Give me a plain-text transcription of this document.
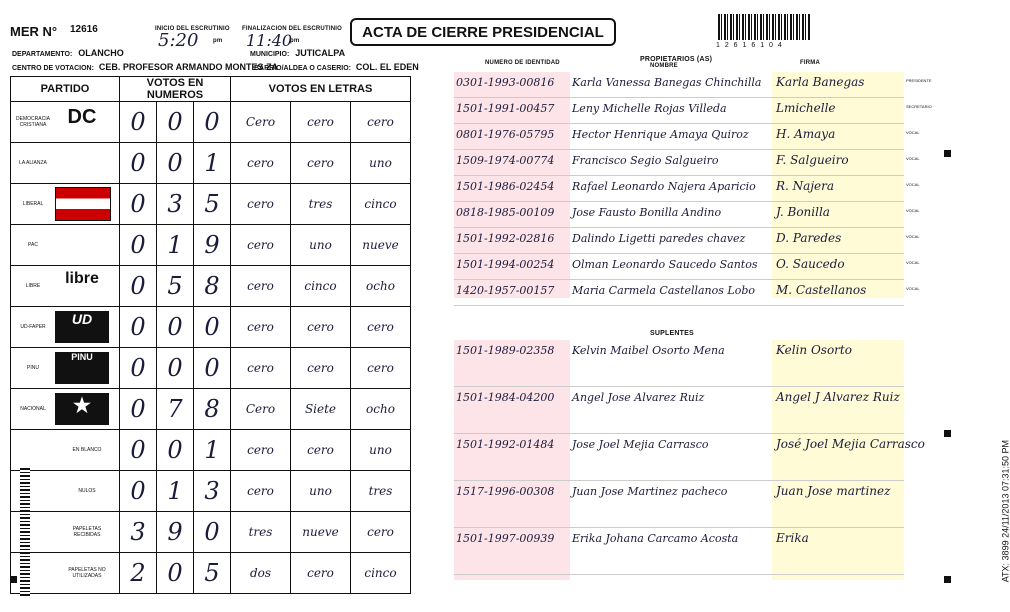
MER N° 12616	INICIO DEL ESCRUTINIO
5:20 pm
FINALIZACION DEL ESCRUTINIO
11:40
pm
ACTA DE CIERRE PRESIDENCIAL
1 2 6 1 6 1 0 4
DEPARTAMENTO: OLANCHO	MUNICIPIO: JUTICALPA
CENTRO DE VOTACION: CEB. PROFESOR ARMANDO MONTES ZA
BARRIO/ALDEA O CASERIO: COL. EL EDEN
PARTIDO	VOTOS EN NUMEROS			VOTOS EN LETRAS		
DEMOCRACIA CRISTIANA DC	0	0	0	Cero	cero	cero
LA ALIANZA	0	0	1	cero	cero	uno
LIBERAL	0	3	5	cero	tres	cinco
PAC	0	1	9	cero	uno	nueve
LIBRE libre	0	5	8	cero	cinco	ocho
UD-FAPER UD	0	0	0	cero	cero	cero
PINUPINU	0	0	0	cero	cero	cero
NACIONAL ★	0	7	8	Cero	Siete	ocho

EN BLANCO	0	0	1	cero	cero	uno

NULOS	0	1	3	cero	uno	tres

PAPELETAS RECIBIDAS	3	9	0	tres	nueve	cero

PAPELETAS NO UTILIZADAS	2	0	5	dos	cero	cinco
NUMERO DE IDENTIDAD	PROPIETARIOS (AS)
NOMBRE	FIRMA
0301-1993-00816 Karla Vanessa Banegas Chinchilla	Karla Banegas	PRESIDENTE
1501-1991-00457 Leny Michelle Rojas Villeda	Lmichelle	SECRETARIO
0801-1976-05795 Hector Henrique Amaya Quiroz	H. Amaya	VOCAL
1509-1974-00774 Francisco Segio Salgueiro	F. Salgueiro	VOCAL
1501-1986-02454 Rafael Leonardo Najera Aparicio	R. Najera	VOCAL
0818-1985-00109 Jose Fausto Bonilla Andino	J. Bonilla	VOCAL
1501-1992-02816 Dalindo Ligetti paredes chavez	D. Paredes	VOCAL
1501-1994-00254 Olman Leonardo Saucedo Santos	O. Saucedo	VOCAL
1420-1957-00157 Maria Carmela Castellanos Lobo	M. Castellanos	VOCAL
SUPLENTES
1501-1989-02358 Kelvin Maibel Osorto Mena	Kelin Osorto
1501-1984-04200 Angel Jose Alvarez Ruiz	Angel J Alvarez Ruiz
1501-1992-01484 Jose Joel Mejia Carrasco	José Joel Mejia Carrasco
1517-1996-00308 Juan Jose Martinez pacheco	Juan Jose martinez
1501-1997-00939 Erika Johana Carcamo Acosta	Erika	ATX: 3899 24/11/2013 07:31:50 PM
